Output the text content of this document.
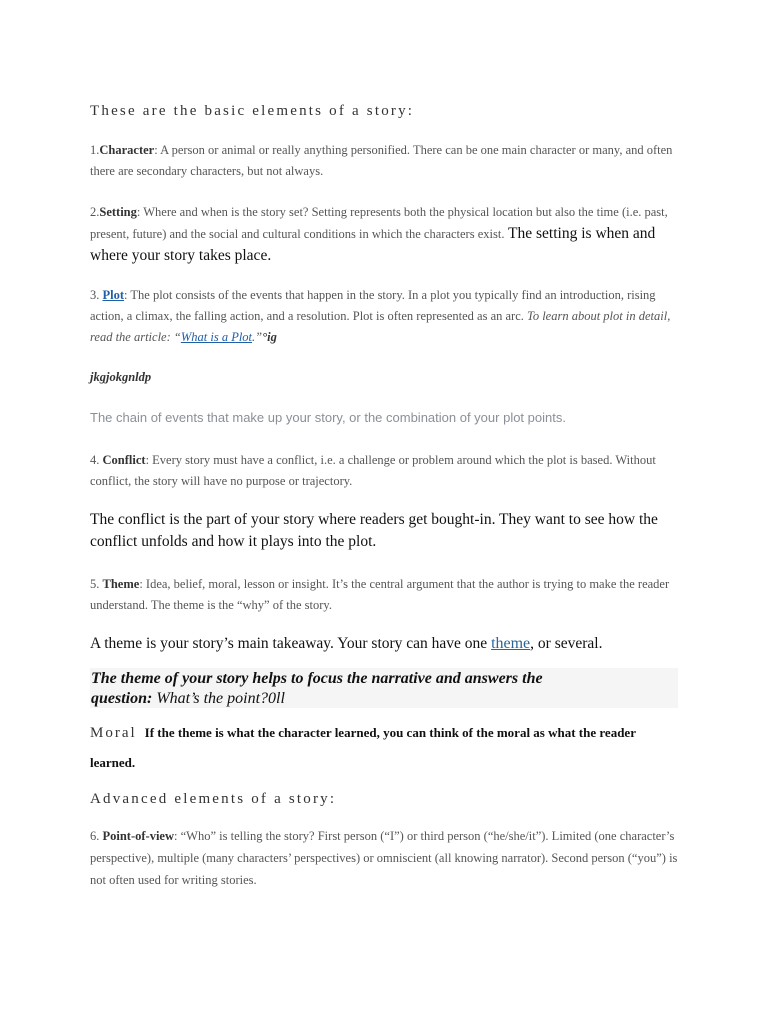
These are the basic elements of a story:

1.Character: A person or animal or really anything personified. There can be one main character or many, and often there are secondary characters, but not always.

2.Setting: Where and when is the story set? Setting represents both the physical location but also the time (i.e. past, present, future) and the social and cultural conditions in which the characters exist. The setting is when and where your story takes place.

3. Plot: The plot consists of the events that happen in the story. In a plot you typically find an introduction, rising action, a climax, the falling action, and a resolution. Plot is often represented as an arc. To learn about plot in detail, read the article: “What is a Plot.”°ig

jkgjokgnldp

The chain of events that make up your story, or the combination of your plot points.

4. Conflict: Every story must have a conflict, i.e. a challenge or problem around which the plot is based. Without conflict, the story will have no purpose or trajectory.

The conflict is the part of your story where readers get bought-in. They want to see how the conflict unfolds and how it plays into the plot.

5. Theme: Idea, belief, moral, lesson or insight. It’s the central argument that the author is trying to make the reader understand. The theme is the “why” of the story.

A theme is your story’s main takeaway. Your story can have one theme, or several.

The theme of your story helps to focus the narrative and answers the question: What’s the point?0ll

Moral If the theme is what the character learned, you can think of the moral as what the reader learned.

Advanced elements of a story:

6. Point-of-view: “Who” is telling the story? First person (“I”) or third person (“he/she/it”). Limited (one character’s perspective), multiple (many characters’ perspectives) or omniscient (all knowing narrator). Second person (“you”) is not often used for writing stories.
